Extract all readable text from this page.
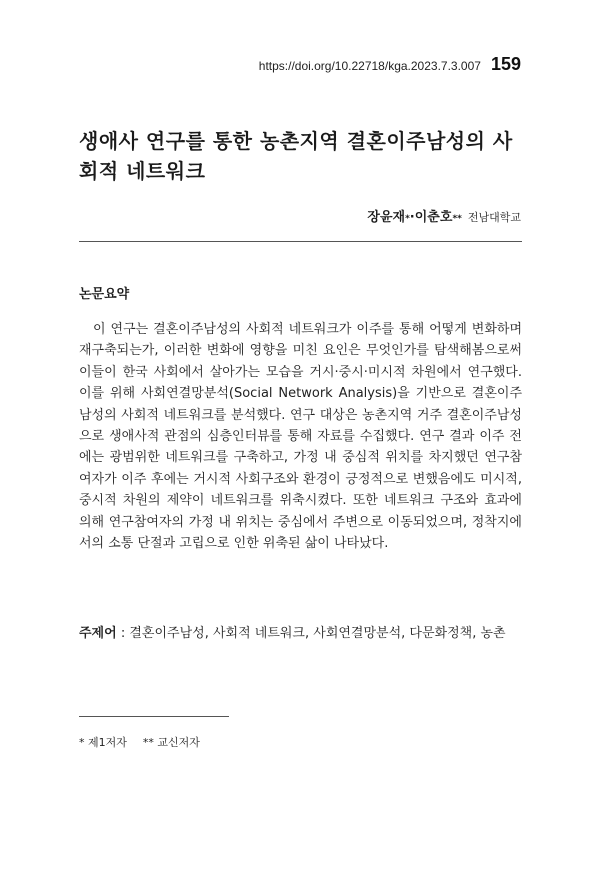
https://doi.org/10.22718/kga.2023.7.3.007 159
생애사 연구를 통한 농촌지역 결혼이주남성의 사회적 네트워크
장윤재 * · 이춘호 ** 전남대학교
논문요약

이 연구는 결혼이주남성의 사회적 네트워크가 이주를 통해 어떻게 변화하며 재구축되는가, 이러한 변화에 영향을 미친 요인은 무엇인가를 탐색해봄으로써 이들이 한국 사회에서 살아가는 모습을 거시·중시·미시적 차원에서 연구했다. 이를 위해 사회연결망분석(Social Network Analysis)을 기반으로 결혼이주남성의 사회적 네트워크를 분석했다. 연구 대상은 농촌지역 거주 결혼이주남성으로 생애사적 관점의 심층인터뷰를 통해 자료를 수집했다. 연구 결과 이주 전에는 광범위한 네트워크를 구축하고, 가정 내 중심적 위치를 차지했던 연구참여자가 이주 후에는 거시적 사회구조와 환경이 긍정적으로 변했음에도 미시적, 중시적 차원의 제약이 네트워크를 위축시켰다. 또한 네트워크 구조와 효과에 의해 연구참여자의 가정 내 위치는 중심에서 주변으로 이동되었으며, 정착지에서의 소통 단절과 고립으로 인한 위축된 삶이 나타났다.

주제어 : 결혼이주남성, 사회적 네트워크, 사회연결망분석, 다문화정책, 농촌
* 제1저자 ** 교신저자
